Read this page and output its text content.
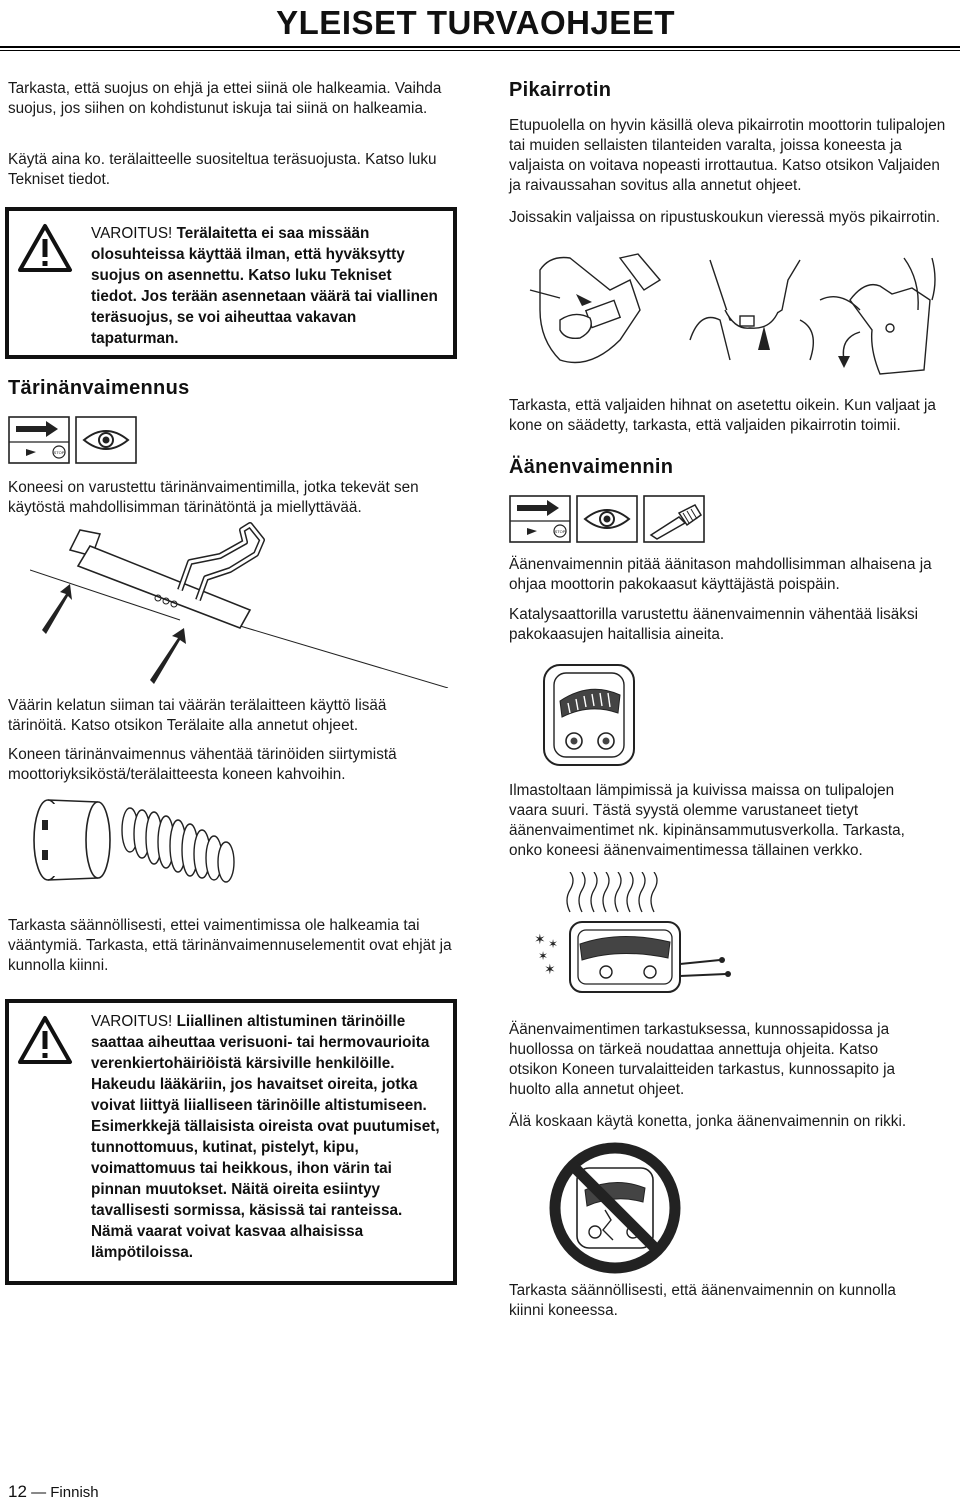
YLEISET TURVAOHJEET

Tarkasta, että suojus on ehjä ja ettei siinä ole halkeamia. Vaihda suojus, jos siihen on kohdistunut iskuja tai siinä on halkeamia.

Käytä aina ko. terälaitteelle suositeltua teräsuojusta. Katso luku Tekniset tiedot.

VAROITUS! Terälaitetta ei saa missään olosuhteissa käyttää ilman, että hyväksytty suojus on asennettu. Katso luku Tekniset tiedot. Jos terään asennetaan väärä tai viallinen teräsuojus, se voi aiheuttaa vakavan tapaturman.
Tärinänvaimennus
STOP

Koneesi on varustettu tärinänvaimentimilla, jotka tekevät sen käytöstä mahdollisimman tärinätöntä ja miellyttävää.

Väärin kelatun siiman tai väärän terälaitteen käyttö lisää tärinöitä. Katso otsikon Terälaite alla annetut ohjeet.

Koneen tärinänvaimennus vähentää tärinöiden siirtymistä moottoriyksiköstä/terälaitteesta koneen kahvoihin.

Tarkasta säännöllisesti, ettei vaimentimissa ole halkeamia tai vääntymiä. Tarkasta, että tärinänvaimennuselementit ovat ehjät ja kunnolla kiinni.

VAROITUS! Liiallinen altistuminen tärinöille saattaa aiheuttaa verisuoni- tai hermovaurioita verenkiertohäiriöistä kärsiville henkilöille. Hakeudu lääkäriin, jos havaitset oireita, jotka voivat liittyä liialliseen tärinöille altistumiseen. Esimerkkejä tällaisista oireista ovat puutumiset, tunnottomuus, kutinat, pistelyt, kipu, voimattomuus tai heikkous, ihon värin tai pinnan muutokset. Näitä oireita esiintyy tavallisesti sormissa, käsissä tai ranteissa. Nämä vaarat voivat kasvaa alhaisissa lämpötiloissa.
Pikairrotin

Etupuolella on hyvin käsillä oleva pikairrotin moottorin tulipalojen tai muiden sellaisten tilanteiden varalta, joissa koneesta ja valjaista on voitava nopeasti irrottautua. Katso otsikon Valjaiden ja raivaussahan sovitus alla annetut ohjeet.

Joissakin valjaissa on ripustuskoukun vieressä myös pikairrotin.

Tarkasta, että valjaiden hihnat on asetettu oikein. Kun valjaat ja kone on säädetty, tarkasta, että valjaiden pikairrotin toimii.

Äänenvaimennin
STOP

Äänenvaimennin pitää äänitason mahdollisimman alhaisena ja ohjaa moottorin pakokaasut käyttäjästä poispäin.

Katalysaattorilla varustettu äänenvaimennin vähentää lisäksi pakokaasujen haitallisia aineita.

Ilmastoltaan lämpimissä ja kuivissa maissa on tulipalojen vaara suuri. Tästä syystä olemme varustaneet tietyt äänenvaimentimet nk. kipinänsammutusverkolla. Tarkasta, onko koneesi äänenvaimentimessa tällainen verkko.

✶ ✶
✶
✶

Äänenvaimentimen tarkastuksessa, kunnossapidossa ja huollossa on tärkeä noudattaa annettuja ohjeita. Katso otsikon Koneen turvalaitteiden tarkastus, kunnossapito ja huolto alla annetut ohjeet.

Älä koskaan käytä konetta, jonka äänenvaimennin on rikki.

Tarkasta säännöllisesti, että äänenvaimennin on kunnolla kiinni koneessa.

12 — Finnish
